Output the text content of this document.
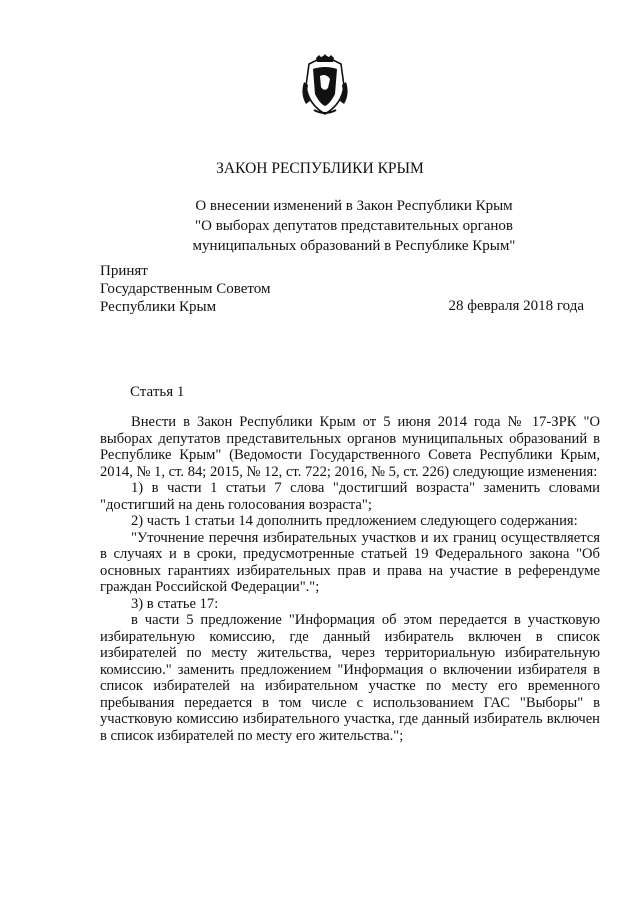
ЗАКОН РЕСПУБЛИКИ КРЫМ
О внесении изменений в Закон Республики Крым
"О выборах депутатов представительных органов
муниципальных образований в Республике Крым"
Принят
Государственным Советом
Республики Крым	28 февраля 2018 года
Статья 1

Внести в Закон Республики Крым от 5 июня 2014 года № 17-ЗРК "О выборах депутатов представительных органов муниципальных образований в Республике Крым" (Ведомости Государственного Совета Республики Крым, 2014, № 1, ст. 84; 2015, № 12, ст. 722; 2016, № 5, ст. 226) следующие изменения:

1) в части 1 статьи 7 слова "достигший возраста" заменить словами "достигший на день голосования возраста";

2) часть 1 статьи 14 дополнить предложением следующего содержания:

"Уточнение перечня избирательных участков и их границ осуществляется в случаях и в сроки, предусмотренные статьей 19 Федерального закона "Об основных гарантиях избирательных прав и права на участие в референдуме граждан Российской Федерации".";

3) в статье 17:

в части 5 предложение "Информация об этом передается в участковую избирательную комиссию, где данный избиратель включен в список избирателей по месту жительства, через территориальную избирательную комиссию." заменить предложением "Информация о включении избирателя в список избирателей на избирательном участке по месту его временного пребывания передается в том числе с использованием ГАС "Выборы" в участковую комиссию избирательного участка, где данный избиратель включен в список избирателей по месту его жительства.";
